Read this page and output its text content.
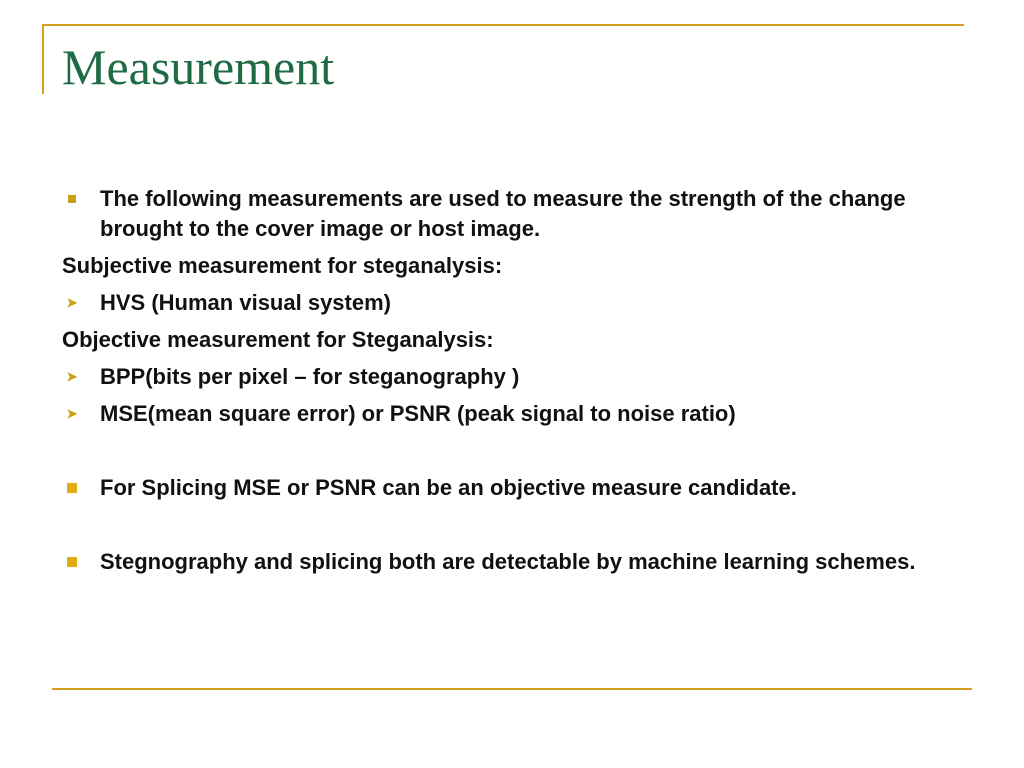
Measurement
The following measurements are used to measure the strength of the change brought to the cover image or host image.
Subjective measurement for steganalysis:
➤ HVS (Human visual system)
Objective measurement for Steganalysis:
➤ BPP(bits per pixel – for steganography )
➤ MSE(mean square error) or PSNR (peak signal to noise ratio)
For Splicing MSE or PSNR can be an objective measure candidate.
Stegnography and splicing both are detectable by machine learning schemes.
